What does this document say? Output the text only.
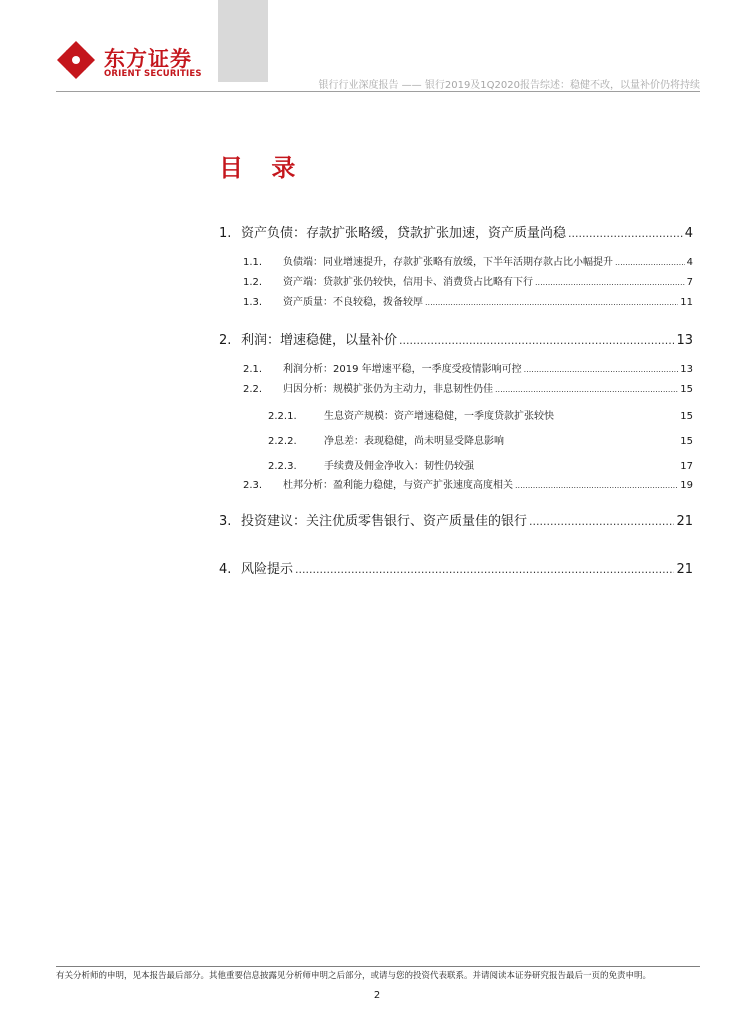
东方证券
ORIENT SECURITIES
银行行业深度报告 —— 银行2019及1Q2020报告综述：稳健不改，以量补价仍将持续
目 录
1. 资产负债：存款扩张略缓，贷款扩张加速，资产质量尚稳 .....	4
1.1.	负债端：同业增速提升，存款扩张略有放缓，下半年活期存款占比小幅提升 .....	4
1.2.	资产端：贷款扩张仍较快，信用卡、消费贷占比略有下行 .....	7
1.3.	资产质量：不良较稳，拨备较厚 .....	11
2. 利润：增速稳健，以量补价 .....	13
2.1.	利润分析：2019 年增速平稳，一季度受疫情影响可控 .....	13
2.2.	归因分析：规模扩张仍为主动力，非息韧性仍佳 .....	15
2.2.1.	生息资产规模：资产增速稳健，一季度贷款扩张较快	15
2.2.2.	净息差：表现稳健，尚未明显受降息影响	15
2.2.3.	手续费及佣金净收入：韧性仍较强	17
2.3.	杜邦分析：盈利能力稳健，与资产扩张速度高度相关 .....	19
3. 投资建议：关注优质零售银行、资产质量佳的银行 .....	21
4. 风险提示 .....	21
有关分析师的申明，见本报告最后部分。其他重要信息披露见分析师申明之后部分，或请与您的投资代表联系。并请阅读本证券研究报告最后一页的免责申明。
2
